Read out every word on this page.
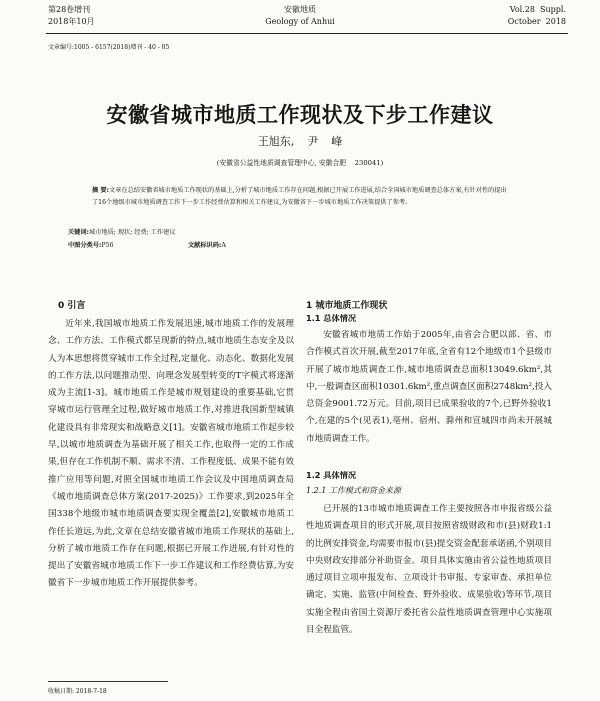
第28卷增刊
2018年10月
安徽地质
Geology of Anhui
Vol.28  Suppl.
October  2018
文章编号:1005 - 6157(2018)增刊 - 40 - 05
安徽省城市地质工作现状及下步工作建议
王旭东,  尹  峰
(安徽省公益性地质调查管理中心, 安徽合肥    230041)
摘 要:文章在总结安徽省城市地质工作现状的基础上,分析了城市地质工作存在问题,根据已开展工作进展,结合全国城市地质调查总体方案,有针对性的提出了16个地级市城市地质调查工作下一步工作经费估算和相关工作建议,为安徽省下一步城市地质工作决策提供了参考。
关键词:城市地质; 现状; 经费; 工作建议
中图分类号:P56	文献标识码:A
0 引言

近年来,我国城市地质工作发展迅速,城市地质工作的发展理念、工作方法、工作模式都呈现新的特点,城市地质生态安全及以人为本思想将贯穿城市工作全过程,定量化、动态化、数据化发展的工作方法,以问题推动型、向理念发展型转变的T字模式将逐渐成为主流[1-3]。城市地质工作是城市规划建设的重要基础,它贯穿城市运行管理全过程,做好城市地质工作,对推进我国新型城镇化建设具有非常现实和战略意义[1]。安徽省城市地质工作起步较早,以城市地质调查为基础开展了相关工作,也取得一定的工作成果,但存在工作机制不顺、需求不清、工作程度低、成果不能有效推广应用等问题,对照全国城市地质工作会议及中国地质调查局《城市地质调查总体方案(2017-2025)》工作要求,到2025年全国338个地级市城市地质调查要实现全覆盖[2],安徽城市地质工作任长道远,为此,文章在总结安徽省城市地质工作现状的基础上,分析了城市地质工作存在问题,根据已开展工作进展,有针对性的提出了安徽省城市地质工作下一步工作建议和工作经费估算,为安徽省下一步城市地质工作开展提供参考。

1 城市地质工作现状
1.1 总体情况

安徽省城市地质工作始于2005年,由省会合肥以部、省、市合作模式首次开展,截至2017年底,全省有12个地级市1个县级市开展了城市地质调查工作,城市地质调查总面积13049.6km²,其中,一般调查区面积10301.6km²,重点调查区面积2748km²,投入总资金9001.72万元。目前,项目已成果验收的7个,已野外验收1个,在建的5个(见表1),亳州、宿州、滁州和宣城四市尚未开展城市地质调查工作。

1.2 具体情况
1.2.1 工作模式和资金来源

已开展的13市城市地质调查工作主要按照各市申报省级公益性地质调查项目的形式开展,项目按照省级财政和市(县)财政1:1的比例安排资金,均需要市报市(县)提交资金配套承诺函,个别项目中央财政安排部分补助资金。项目具体实施由省公益性地质项目通过项目立项申报发布、立项设计书审报、专家审查、承担单位确定、实施、监管(中间检查、野外验收、成果验收)等环节,项目实施全程由省国土资源厅委托省公益性地质调查管理中心实施项目全程监管。

收稿日期: 2018-7-18
